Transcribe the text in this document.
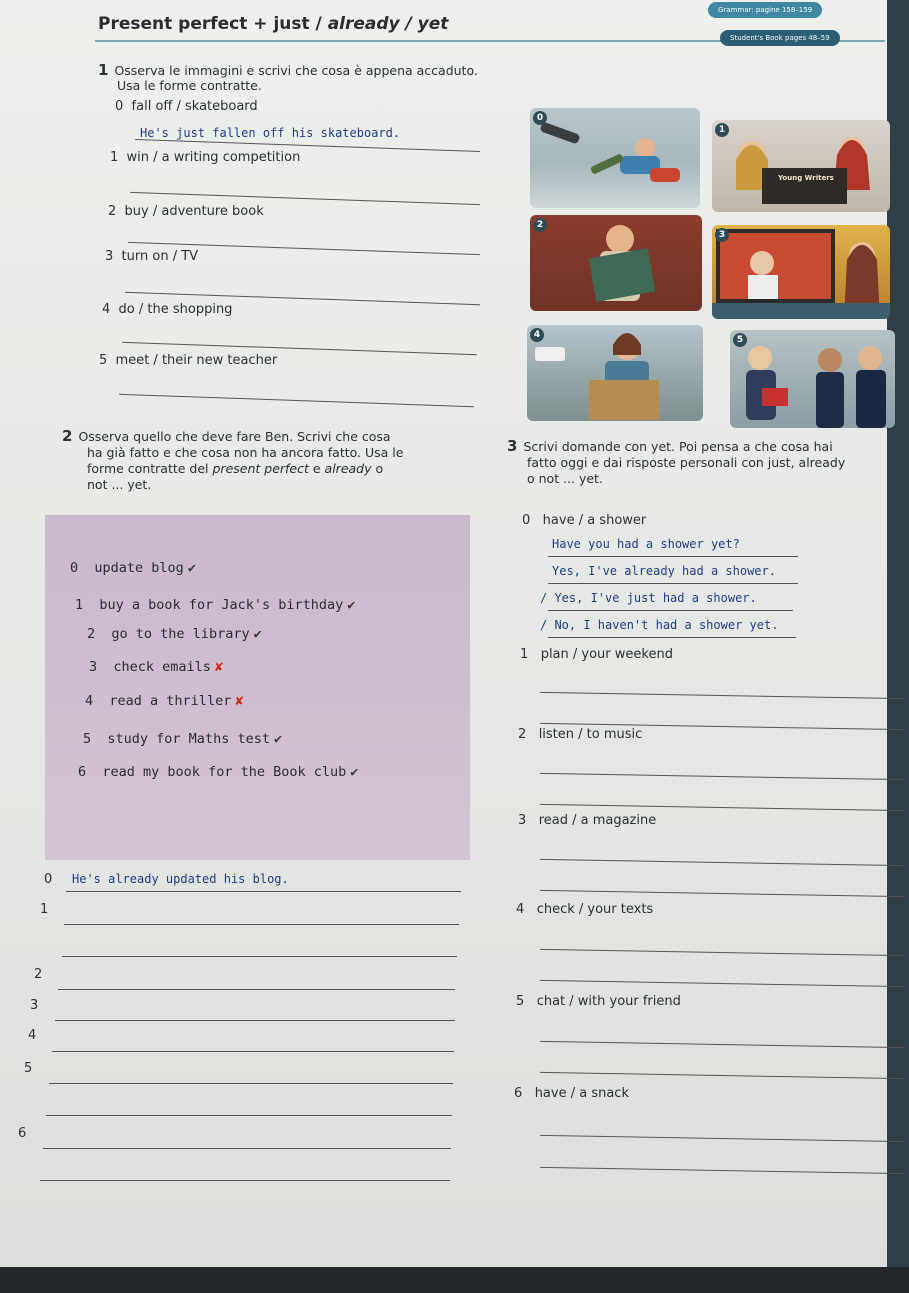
Grammar: pagine 158–159
Student's Book pages 48–59
Present perfect + just / already / yet
1 Osserva le immagini e scrivi che cosa è appena accaduto.
Usa le forme contratte.
0 fall off / skateboard
He's just fallen off his skateboard.
1 win / a writing competition
2 buy / adventure book
3 turn on / TV
4 do / the shopping
5 meet / their new teacher
0
1
Young Writers
2
3
4	5
2 Osserva quello che deve fare Ben. Scrivi che cosa
ha già fatto e che cosa non ha ancora fatto. Usa le
forme contratte del present perfect e already o
not ... yet.
0 update blog ✔
1 buy a book for Jack's birthday ✔
2 go to the library ✔
3 check emails ✘
4 read a thriller ✘
5 study for Maths test ✔
6 read my book for the Book club ✔
0 He's already updated his blog.
1
2
3
4
5
6
3 Scrivi domande con yet. Poi pensa a che cosa hai
fatto oggi e dai risposte personali con just, already
o not ... yet.
0   have / a shower
Have you had a shower yet?
Yes, I've already had a shower.
/ Yes, I've just had a shower.
/ No, I haven't had a shower yet.
1 plan / your weekend
2 listen / to music
3 read / a magazine
4 check / your texts
5 chat / with your friend
6 have / a snack
